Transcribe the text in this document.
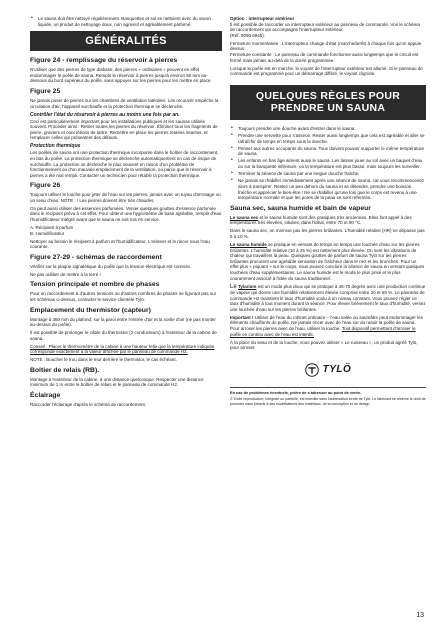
• Le sauna doit être nettoyé régulièrement. Banquettes et sol se nettoient avec du savon liquide, un produit de nettoyage doux, non agressif et agréablement parfumé.
GÉNÉRALITÉS
Figure 24 - remplissage du réservoir à pierres

N'utiliser que des pierres de type diabase, des pierres « ordinaires » peuvent en effet endommager le poêle de sauna. Remplir le réservoir à pierres jusqu'à environ 50 mm au-dessous du bord supérieur du poêle, sans appuyer sur les pierres pour les mettre en place.

Figure 25

Ne jamais poser de pierres sur les chambres de ventilation latérales. Les recouvrir empêche la circulation d'air, l'appareil surchauffe et la protection thermique se déclenche.

Contrôler l'état du réservoir à pierres au moins une fois par an.

Ceci est particulièrement important pour les installations publiques et les saunas utilisés souvent. Procéder ainsi : Retirer toutes les pierres du réservoir. Éliminer tous les fragments de pierre, graviers et concrétions de tartre. Remettre en place les pierres restées intactes, et remplacer celles qui présentent des défauts.

Protection thermique

Les poêles de sauna ont une protection thermique incorporée dans le boîtier de raccordement, en bas du poêle. La protection thermique se déclenche automatiquement en cas de risque de surchauffe. La protection se déclenche le plus souvent en raison d'un problème de fonctionnement ou d'un mauvais emplacement de la ventilation, ou parce que le réservoir à pierres a été mal rempli. Contacter un technicien pour rétablir la protection thermique.

Figure 26

Toujours utiliser le louche pour jeter de l'eau sur les pierres, jamais avec un tuyau d'arrosage ou un seau d'eau. NOTE : ! Les pierres doivent être très chaudes.

On peut aussi utiliser des essences parfumées. Verser quelques gouttes d'essence parfumée dans le récipient prévu à cet effet. Pour obtenir une hygrométrie de base agréable, remplir d'eau l'humidificateur intégré avant que le sauna ne soit mis en service.

A. Récipient à parfum

B. Humidificateur

Nettoyer au besoin le récipient à parfum et l'humidificateur. L'enlever et le rincer sous l'eau courante.

Figure 27-29 - schémas de raccordement

Vérifier sur la plaque signalétique du poêle que la tension électrique est correcte.

Ne pas oublier de mettre à la terre !

Tension principale et nombre de phases

Pour un raccordement à d'autres tensions ou d'autres nombres de phases ne figurant pas sur les schémas ci-dessus, contacter le service clientèle Tylö.

Emplacement du thermistor (capteur)

Montage à 360 mm du plafond, sur la paroi entre l'entrée d'air et la sortie d'air (ne pas monter au-dessus du poêle).

Il est possible de prolonger le câble du thermistor (2 conducteurs) à l'extérieur de la cabine de sauna.

Conseil : Placer le thermomètre de la cabine à une hauteur telle que la température indiquée corresponde exactement à la valeur affichée par le panneau de commande H2.

NOTE : Boucher le trou dans le mur derrière le thermistor, le cas échéant.

Boîtier de relais (RB).

Montage à l'extérieur de la cabine, à une distance quelconque. Respecter une distance minimum de 1 m entre le boîtier de relais et le panneau de commande H2.

Éclairage

Raccorder l'éclairage d'après le schéma de raccordement.

Option : interrupteur extérieur

Il est possible de raccorder un interrupteur extérieur au panneau de commande. Voir le schéma de raccordement qui accompagne l'interrupteur extérieur.

(Réf. 9090 6945).

Fermeture momentanée : L'interrupteur change d'état (marche/arrêt) à chaque fois qu'on appuie dessus.

Fermeture constante : Le panneau de commande fonctionne aussi longtemps que le circuit est fermé mais jamais au-delà de la durée programmée.

Lorsque le poêle est en marche, le voyant de l'interrupteur extérieur est allumé. Si le panneau de commande est programmé pour un démarrage différé, le voyant clignote.

QUELQUES RÈGLES POUR PRENDRE UN SAUNA
• Toujours prendre une douche avant d'entrer dans le sauna.
• Prendre une serviette pour s'asseoir. Rester aussi longtemps que cela est agréable et aller se rafraîchir de temps en temps sous la douche.
• Penser aux autres occupants du sauna. Tous doivent pouvoir supporter le même température de sauna.
• Les enfants en bas âge aiment aussi le sauna. Les laisser jouer au sol avec un baquet d'eau ou sur la banquette inférieure, où la température est plus basse, mais toujours les surveiller.
• Terminer la séance de sauna par une longue douche fraîche.
• Ne jamais se rhabiller immédiatement après une séance de sauna, car vous recommenceriez alors à transpirer. Restez un peu dehors du sauna et se détendre, prendre une boisson fraîche et apprécier le bien-être ! Ne se rhabiller qu'une fois que le corps est revenu à une température normale et que les pores de la peau se sont refermés.
Sauna sec, sauna humide et bain de vapeur

Le sauna sec et le sauna humide sont des pratiques très anciennes. Elles font appel à des températures très élevées, situées, dans l'idéal, entre 70 et 90 °C.

Dans le sauna sec, on n'arrose pas les pierres brûlantes. L'humidité relative (HR) ne dépasse pas 5 à 10 %.

Le sauna humide se pratique en versant de temps en temps une louchée d'eau sur les pierres brûlantes. L'humidité relative (10 à 25 %) est nettement plus élevée. On sent les vibrations de chaleur qui travaillent la peau. Quelques gouttes de parfum de sauna Tylö sur les pierres brûlantes procurent une agréable sensation de fraîcheur dans le nez et les bronches. Pour un effet plus « piquant » sur le corps, vous pouvez conclure la séance de sauna en versant quelques louchées d'eau supplémentaires. Le sauna humide est le mode le plus prisé et le plus couramment associé à l'idée du sauna traditionnel.

Le Tylarium est un mode plus doux qui se pratique à 45-70 degrés avec une production continue de vapeur qui donne une humidité relativement élevée comprise entre 20 et 65 %. Le panneau de commande H2 maintient le taux d'humidité voulu à un niveau constant. Vous pouvez régler ce taux d'humidité à tout moment durant la séance. Pour élever brièvement le taux d'humidité, versez une louchée d'eau sur les pierres brûlantes.

Important ! Utiliser de l'eau du robinet ordinaire – l'eau salée ou saumâtre peut endommager les éléments chauffants du poêle. Ne jamais rincer avec de l'eau sur du rasoir la poêle de sauna. Pour arroser les pierres avec de l'eau, utiliser la louche. Tout dispositif permettant d'arroser le poêle en continu avec de l'eau est interdit.

À la place du seau et de la louche, vous pouvez utiliser « Le ruisseau », un produit agréé Tylö, pour arroser.

TYLÖ

En cas de problèmes éventuels, prière de s'adresser au point de vente.

© Toute reproduction, intégrale ou partielle, est interdite sans l'autorisation écrite de Tylö. Le fabricant se réserve le droit de procéder sans préavis à des modifications des matériaux, de la conception et du design.

13
